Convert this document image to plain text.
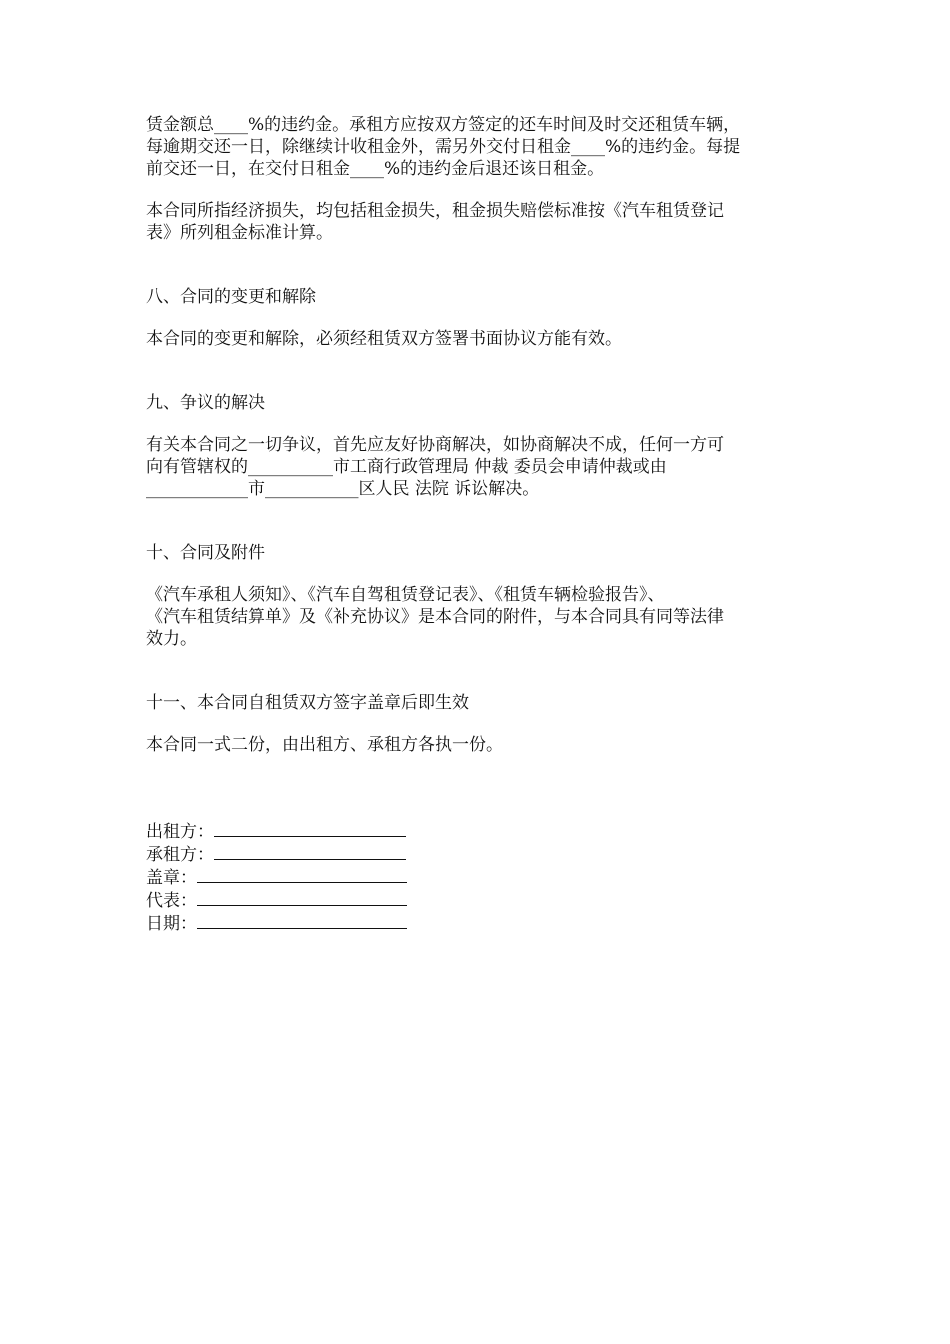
赁金额总____%的违约金。承租方应按双方签定的还车时间及时交还租赁车辆，
每逾期交还一日，除继续计收租金外，需另外交付日租金____%的违约金。每提
前交还一日，在交付日租金____%的违约金后退还该日租金。
本合同所指经济损失，均包括租金损失，租金损失赔偿标准按《汽车租赁登记
表》所列租金标准计算。
八、合同的变更和解除
本合同的变更和解除，必须经租赁双方签署书面协议方能有效。
九、争议的解决
有关本合同之一切争议，首先应友好协商解决，如协商解决不成，任何一方可
向有管辖权的__________市工商行政管理局 仲裁 委员会申请仲裁或由
____________市___________区人民 法院 诉讼解决。
十、合同及附件
《汽车承租人须知》、《汽车自驾租赁登记表》、《租赁车辆检验报告》、
《汽车租赁结算单》及《补充协议》是本合同的附件，与本合同具有同等法律
效力。
十一、本合同自租赁双方签字盖章后即生效
本合同一式二份，由出租方、承租方各执一份。
出租方：
承租方：
盖章：
代表：
日期：
